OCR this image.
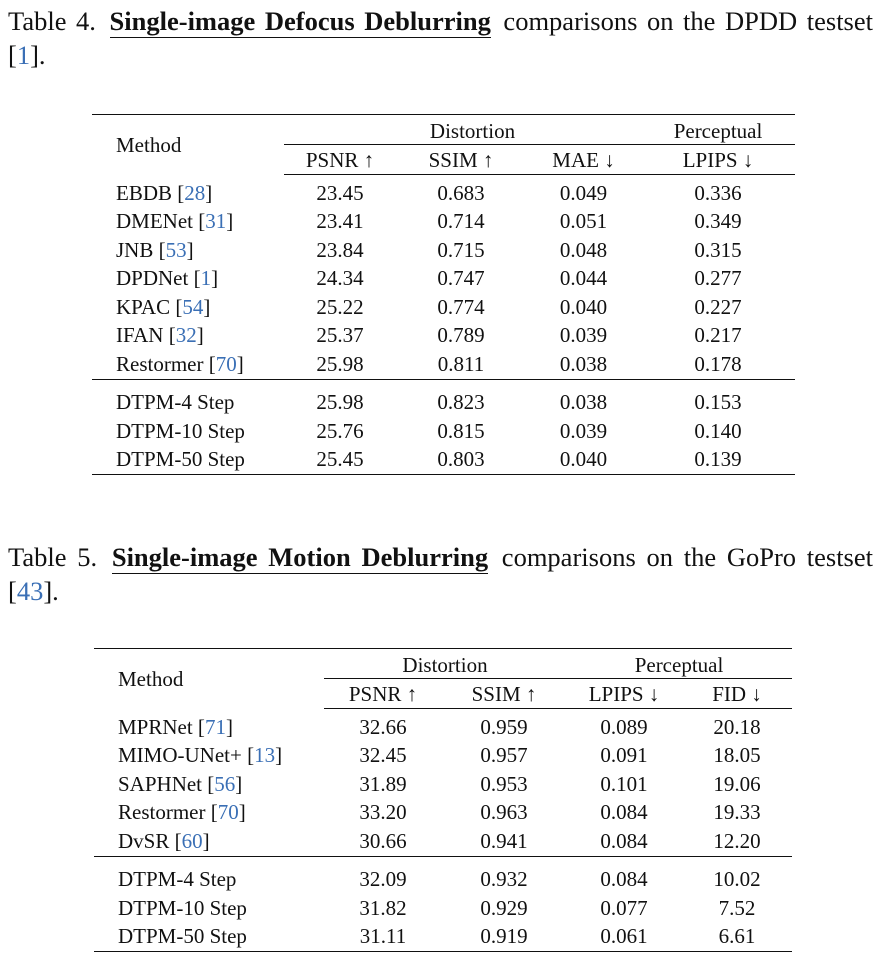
Table 4. Single-image Defocus Deblurring comparisons on the DPDD testset [1].
Method	Distortion			Perceptual
	PSNR ↑	SSIM ↑	MAE ↓	LPIPS ↓
EBDB [28]	23.45	0.683	0.049	0.336
DMENet [31]	23.41	0.714	0.051	0.349
JNB [53]	23.84	0.715	0.048	0.315
DPDNet [1]	24.34	0.747	0.044	0.277
KPAC [54]	25.22	0.774	0.040	0.227
IFAN [32]	25.37	0.789	0.039	0.217
Restormer [70]	25.98	0.811	0.038	0.178
DTPM-4 Step	25.98	0.823	0.038	0.153
DTPM-10 Step	25.76	0.815	0.039	0.140
DTPM-50 Step	25.45	0.803	0.040	0.139
Table 5. Single-image Motion Deblurring comparisons on the GoPro testset [43].
Method	Distortion		Perceptual	
	PSNR ↑	SSIM ↑	LPIPS ↓	FID ↓
MPRNet [71]	32.66	0.959	0.089	20.18
MIMO-UNet+ [13]	32.45	0.957	0.091	18.05
SAPHNet [56]	31.89	0.953	0.101	19.06
Restormer [70]	33.20	0.963	0.084	19.33
DvSR [60]	30.66	0.941	0.084	12.20
DTPM-4 Step	32.09	0.932	0.084	10.02
DTPM-10 Step	31.82	0.929	0.077	7.52
DTPM-50 Step	31.11	0.919	0.061	6.61
